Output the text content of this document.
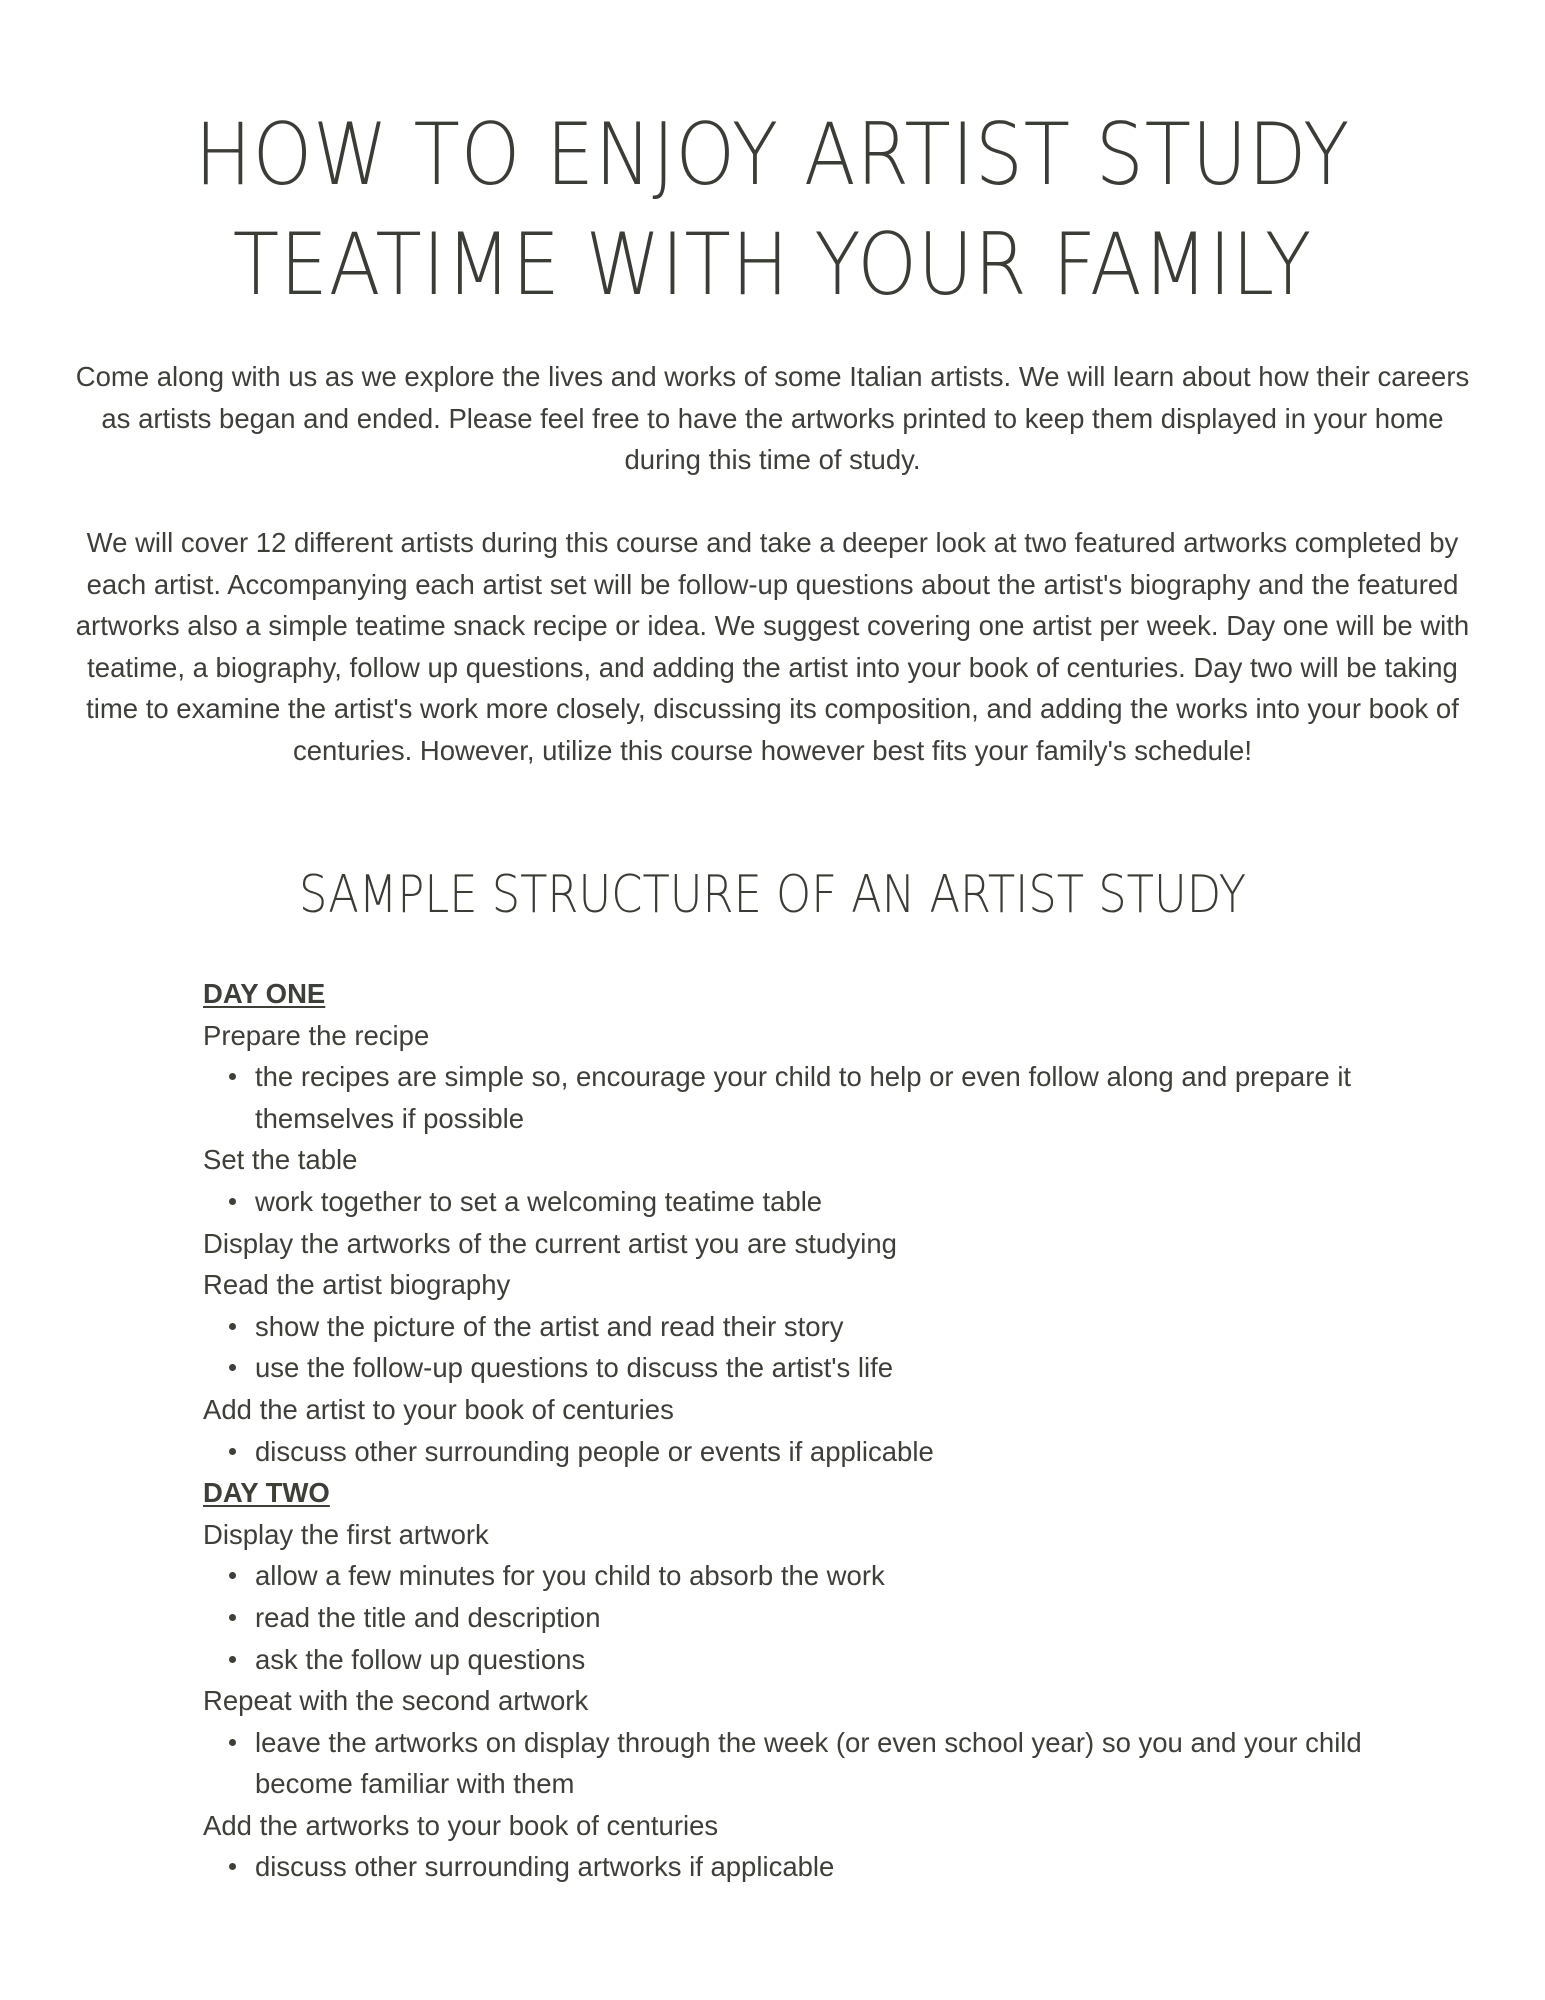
HOW TO ENJOY ARTIST STUDY
TEATIME WITH YOUR FAMILY

Come along with us as we explore the lives and works of some Italian artists. We will learn about how their careers as artists began and ended. Please feel free to have the artworks printed to keep them displayed in your home during this time of study.

We will cover 12 different artists during this course and take a deeper look at two featured artworks completed by each artist. Accompanying each artist set will be follow-up questions about the artist's biography and the featured artworks also a simple teatime snack recipe or idea. We suggest covering one artist per week. Day one will be with teatime, a biography, follow up questions, and adding the artist into your book of centuries. Day two will be taking time to examine the artist's work more closely, discussing its composition, and adding the works into your book of centuries. However, utilize this course however best fits your family's schedule!

SAMPLE STRUCTURE OF AN ARTIST STUDY
DAY ONE
Prepare the recipe
the recipes are simple so, encourage your child to help or even follow along and prepare it themselves if possible
Set the table
work together to set a welcoming teatime table
Display the artworks of the current artist you are studying
Read the artist biography
show the picture of the artist and read their story
use the follow-up questions to discuss the artist's life
Add the artist to your book of centuries
discuss other surrounding people or events if applicable
DAY TWO
Display the first artwork
allow a few minutes for you child to absorb the work
read the title and description
ask the follow up questions
Repeat with the second artwork
leave the artworks on display through the week (or even school year) so you and your child become familiar with them
Add the artworks to your book of centuries
discuss other surrounding artworks if applicable
